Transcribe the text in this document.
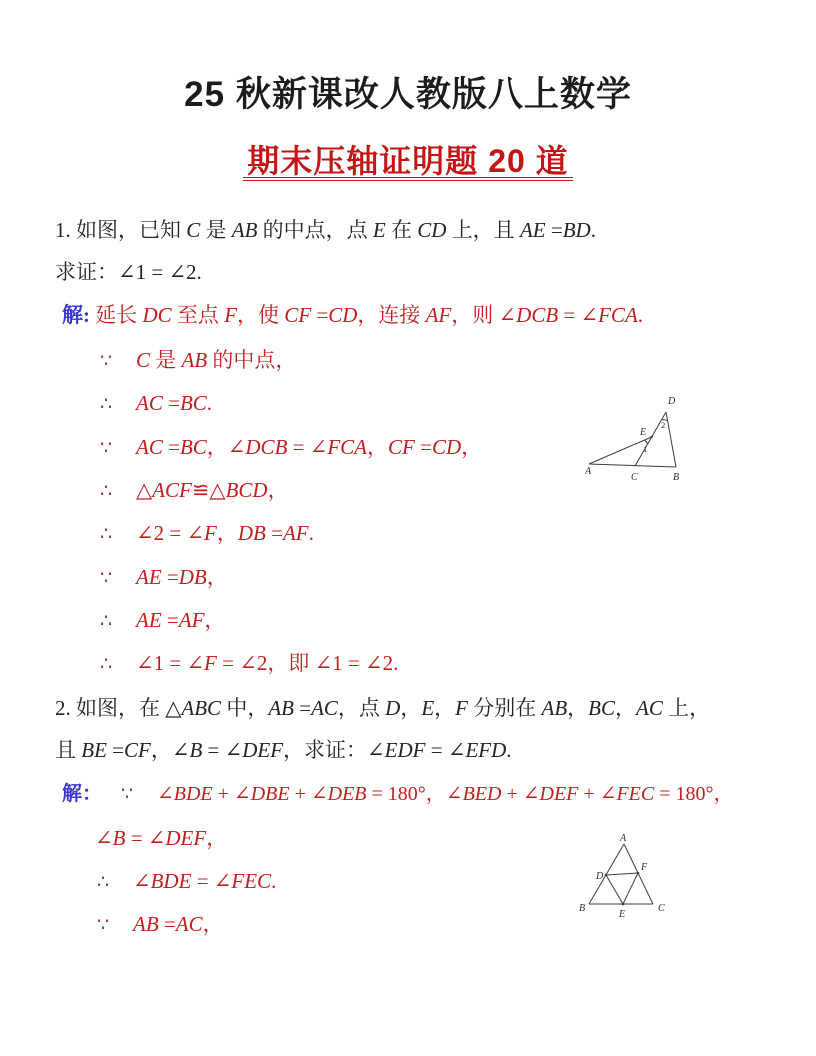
25 秋新课改人教版八上数学
期末压轴证明题 20 道
1. 如图，已知 C 是 AB 的中点，点 E 在 CD 上，且 AE =BD.
求证：∠1 = ∠2.
解: 延长 DC 至点 F，使 CF =CD，连接 AF，则 ∠DCB = ∠FCA.
∵ C 是 AB 的中点，
∴ AC =BC.
∵ AC =BC，∠DCB = ∠FCA，CF =CD，
∴ △ACF≌△BCD，
∴ ∠2 = ∠F，DB =AF.
∵ AE =DB，
∴ AE =AF，
∴ ∠1 = ∠F = ∠2，即 ∠1 = ∠2.
A
C	B
D
E
1
2
2. 如图，在 △ABC 中，AB =AC，点 D，E，F 分别在 AB，BC，AC 上，
且 BE =CF，∠B = ∠DEF，求证：∠EDF = ∠EFD.
解： ∵ ∠BDE + ∠DBE + ∠DEB = 180°，∠BED + ∠DEF + ∠FEC = 180°，
∠B = ∠DEF，
∴ ∠BDE = ∠FEC.
∵ AB =AC，
A
B	C
D
E
F
